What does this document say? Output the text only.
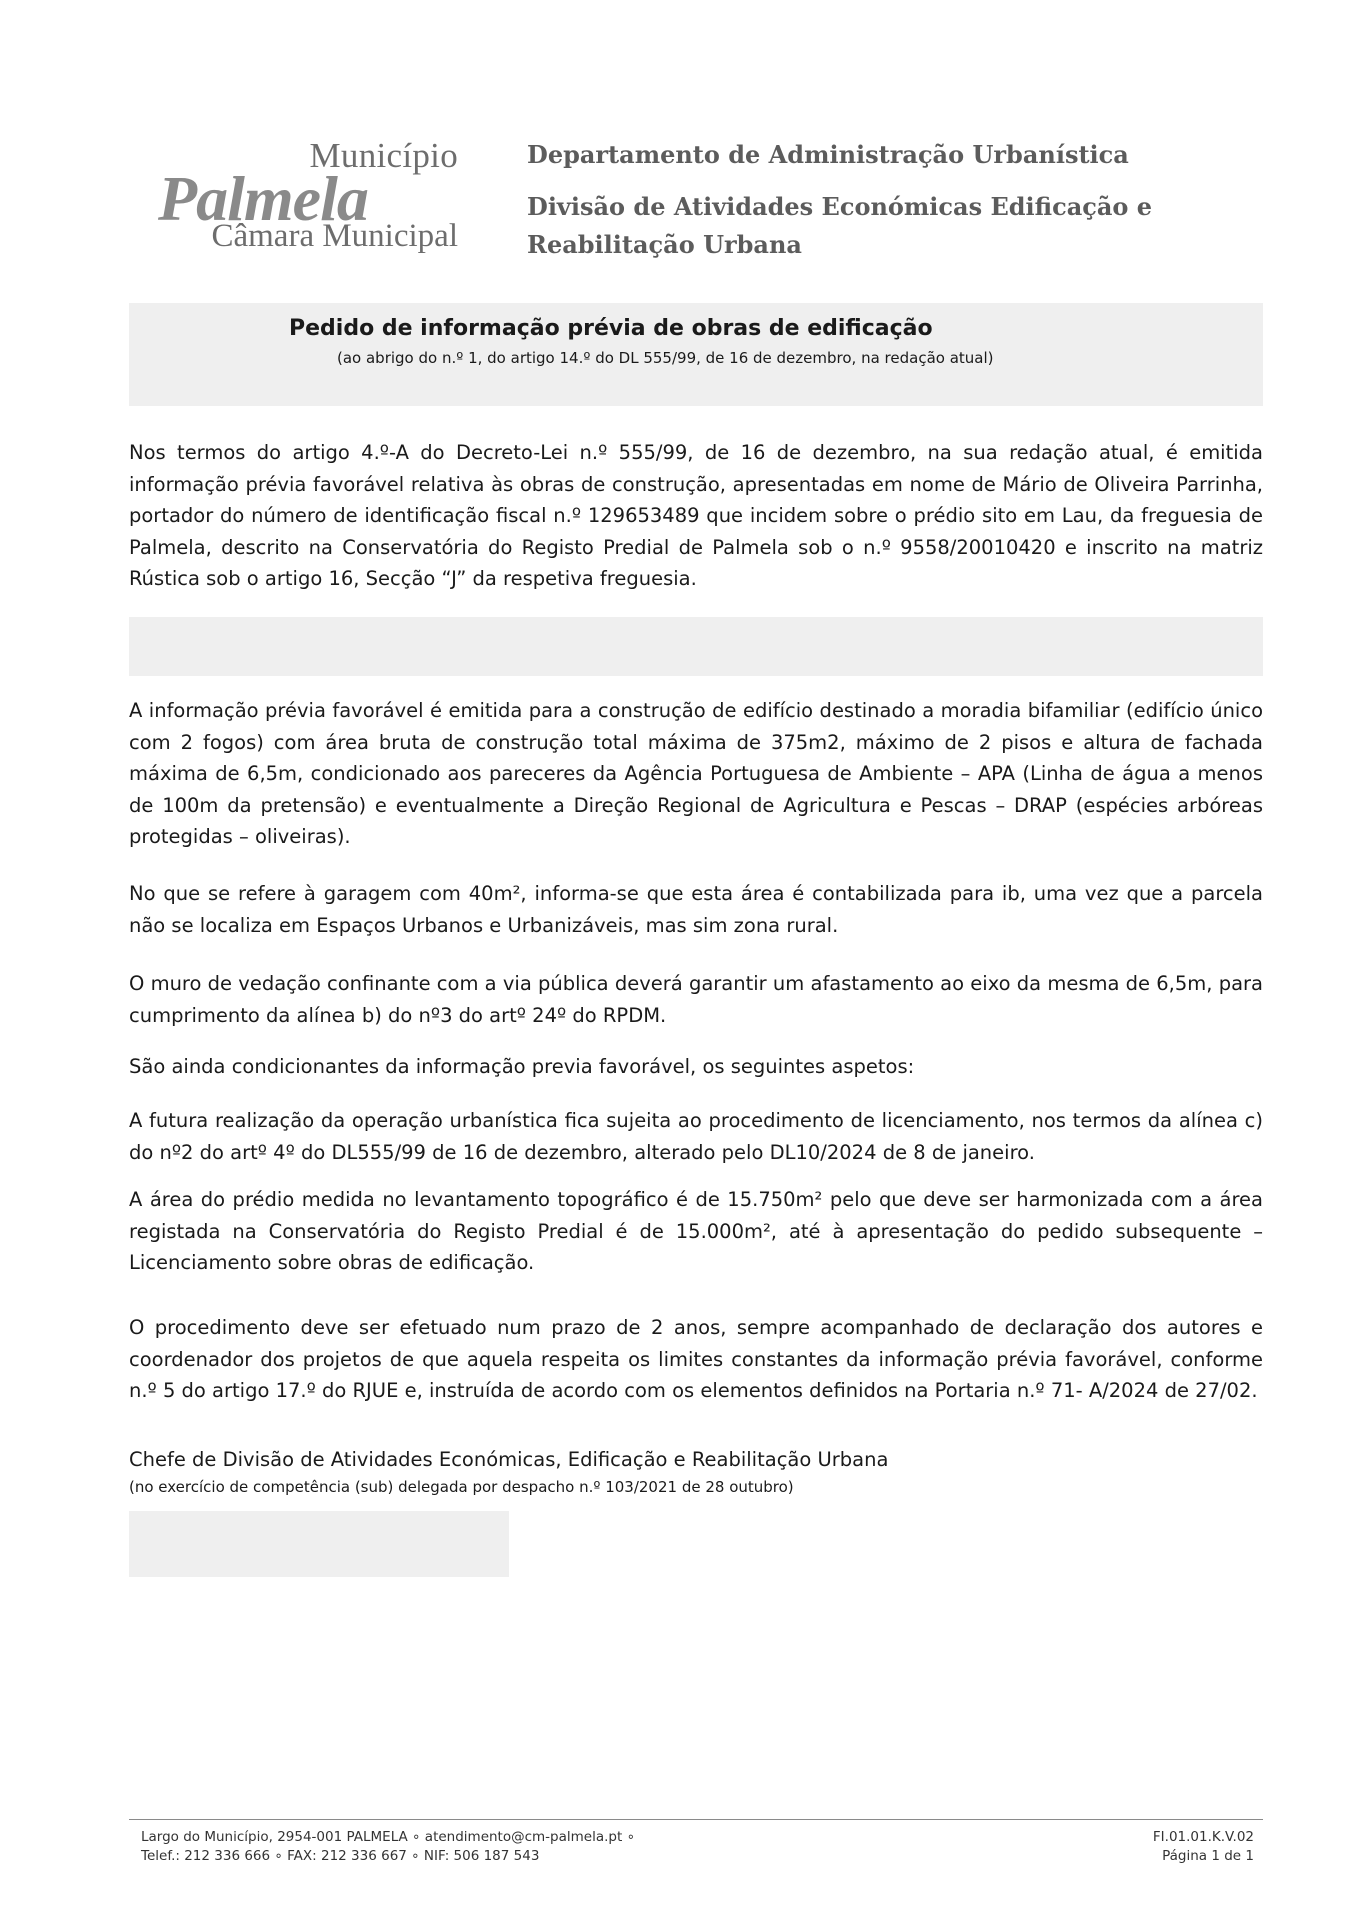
Município
Palmela
Câmara Municipal
Departamento de Administração Urbanística
Divisão de Atividades Económicas Edificação e Reabilitação Urbana
Pedido de informação prévia de obras de edificação
(ao abrigo do n.º 1, do artigo 14.º do DL 555/99, de 16 de dezembro, na redação atual)

Nos termos do artigo 4.º-A do Decreto-Lei n.º 555/99, de 16 de dezembro, na sua redação atual, é emitida informação prévia favorável relativa às obras de construção, apresentadas em nome de Mário de Oliveira Parrinha, portador do número de identificação fiscal n.º 129653489 que incidem sobre o prédio sito em Lau, da freguesia de Palmela, descrito na Conservatória do Registo Predial de Palmela sob o n.º 9558/20010420 e inscrito na matriz Rústica sob o artigo 16, Secção “J” da respetiva freguesia.

A informação prévia favorável é emitida para a construção de edifício destinado a moradia bifamiliar (edifício único com 2 fogos) com área bruta de construção total máxima de 375m2, máximo de 2 pisos e altura de fachada máxima de 6,5m, condicionado aos pareceres da Agência Portuguesa de Ambiente – APA (Linha de água a menos de 100m da pretensão) e eventualmente a Direção Regional de Agricultura e Pescas – DRAP (espécies arbóreas protegidas – oliveiras).

No que se refere à garagem com 40m², informa-se que esta área é contabilizada para ib, uma vez que a parcela não se localiza em Espaços Urbanos e Urbanizáveis, mas sim zona rural.

O muro de vedação confinante com a via pública deverá garantir um afastamento ao eixo da mesma de 6,5m, para cumprimento da alínea b) do nº3 do artº 24º do RPDM.

São ainda condicionantes da informação previa favorável, os seguintes aspetos:

A futura realização da operação urbanística fica sujeita ao procedimento de licenciamento, nos termos da alínea c) do nº2 do artº 4º do DL555/99 de 16 de dezembro, alterado pelo DL10/2024 de 8 de janeiro.

A área do prédio medida no levantamento topográfico é de 15.750m² pelo que deve ser harmonizada com a área registada na Conservatória do Registo Predial é de 15.000m², até à apresentação do pedido subsequente – Licenciamento sobre obras de edificação.

O procedimento deve ser efetuado num prazo de 2 anos, sempre acompanhado de declaração dos autores e coordenador dos projetos de que aquela respeita os limites constantes da informação prévia favorável, conforme n.º 5 do artigo 17.º do RJUE e, instruída de acordo com os elementos definidos na Portaria n.º 71- A/2024 de 27/02.

Chefe de Divisão de Atividades Económicas, Edificação e Reabilitação Urbana

(no exercício de competência (sub) delegada por despacho n.º 103/2021 de 28 outubro)
Largo do Município, 2954-001 PALMELA ∘ atendimento@cm-palmela.pt ∘
Telef.: 212 336 666 ∘ FAX: 212 336 667 ∘ NIF: 506 187 543
FI.01.01.K.V.02
Página 1 de 1
